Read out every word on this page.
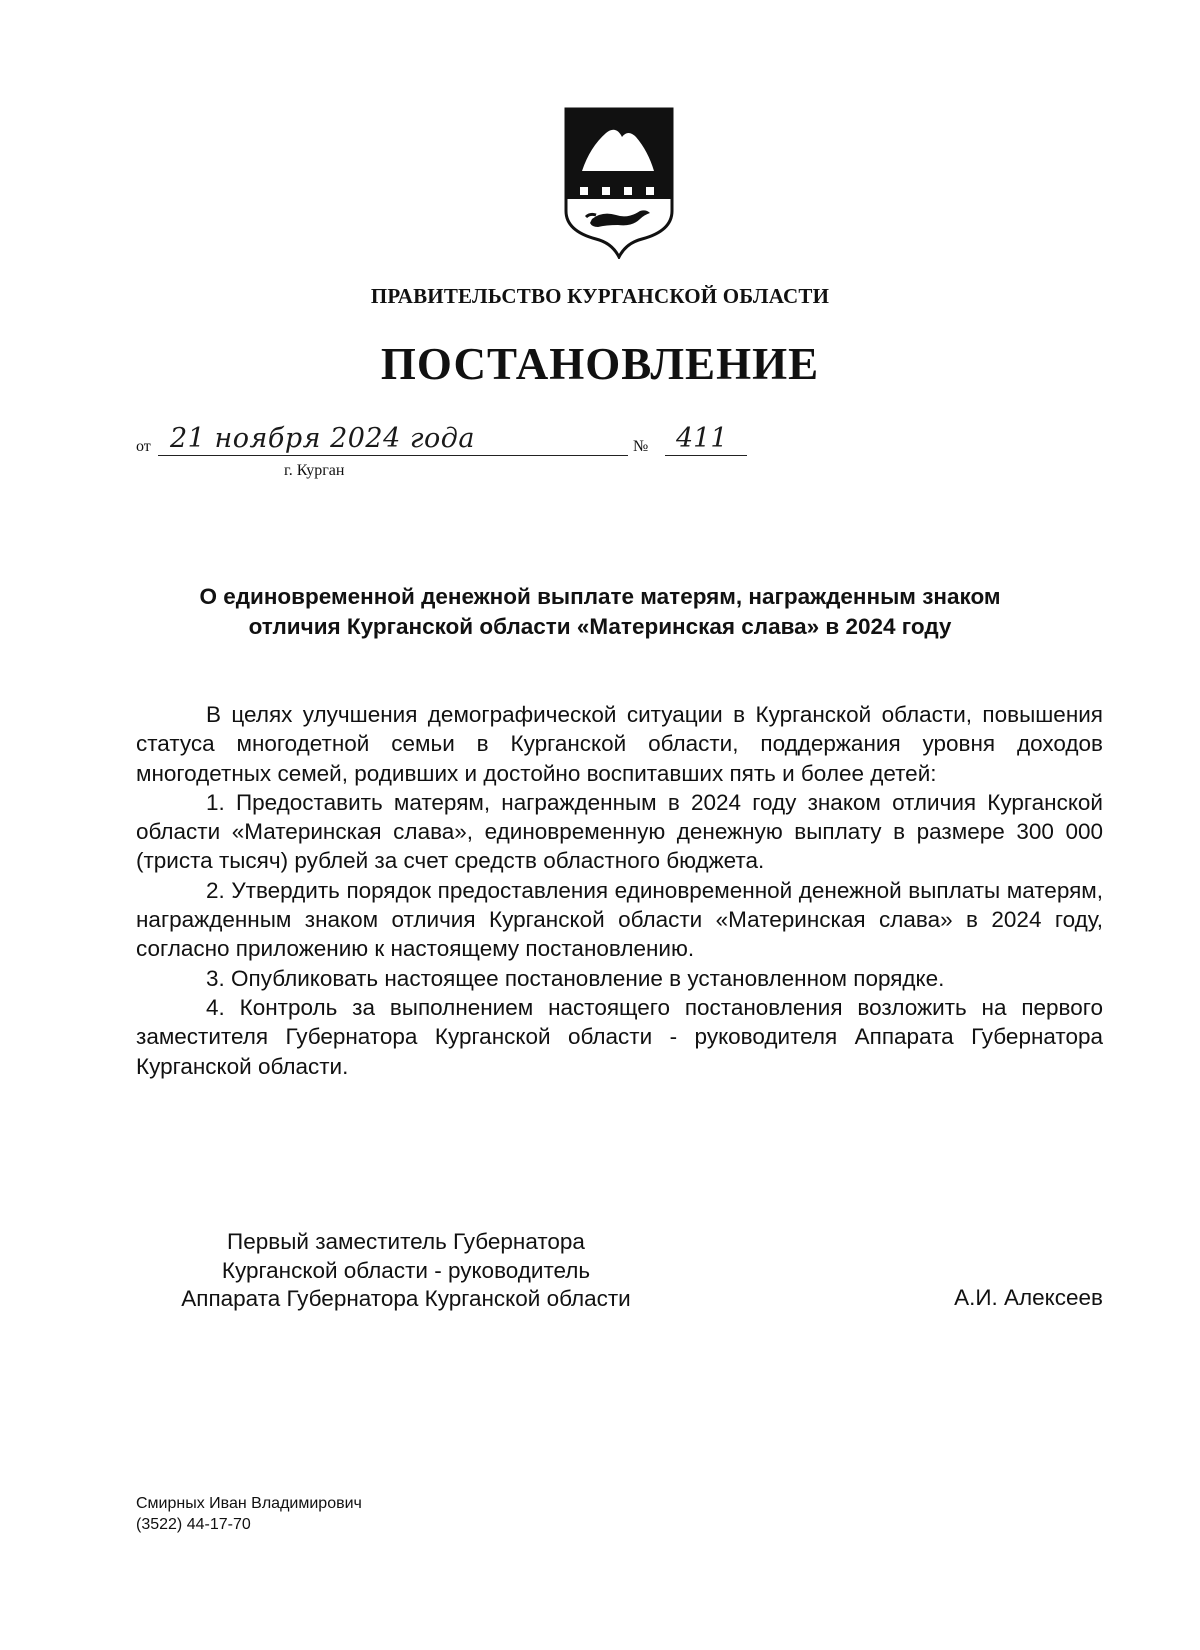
ПРАВИТЕЛЬСТВО КУРГАНСКОЙ ОБЛАСТИ
ПОСТАНОВЛЕНИЕ
от 21 ноября 2024 года	№ 411
г. Курган
О единовременной денежной выплате матерям, награжденным знаком
отличия Курганской области «Материнская слава» в 2024 году

В целях улучшения демографической ситуации в Курганской области, повышения статуса многодетной семьи в Курганской области, поддержания уровня доходов многодетных семей, родивших и достойно воспитавших пять и более детей:

1. Предоставить матерям, награжденным в 2024 году знаком отличия Курганской области «Материнская слава», единовременную денежную выплату в размере 300 000 (триста тысяч) рублей за счет средств областного бюджета.

2. Утвердить порядок предоставления единовременной денежной выплаты матерям, награжденным знаком отличия Курганской области «Материнская слава» в 2024 году, согласно приложению к настоящему постановлению.

3. Опубликовать настоящее постановление в установленном порядке.

4. Контроль за выполнением настоящего постановления возложить на первого заместителя Губернатора Курганской области - руководителя Аппарата Губернатора Курганской области.

Первый заместитель Губернатора
Курганской области - руководитель
Аппарата Губернатора Курганской области	А.И. Алексеев
Смирных Иван Владимирович
(3522) 44-17-70
